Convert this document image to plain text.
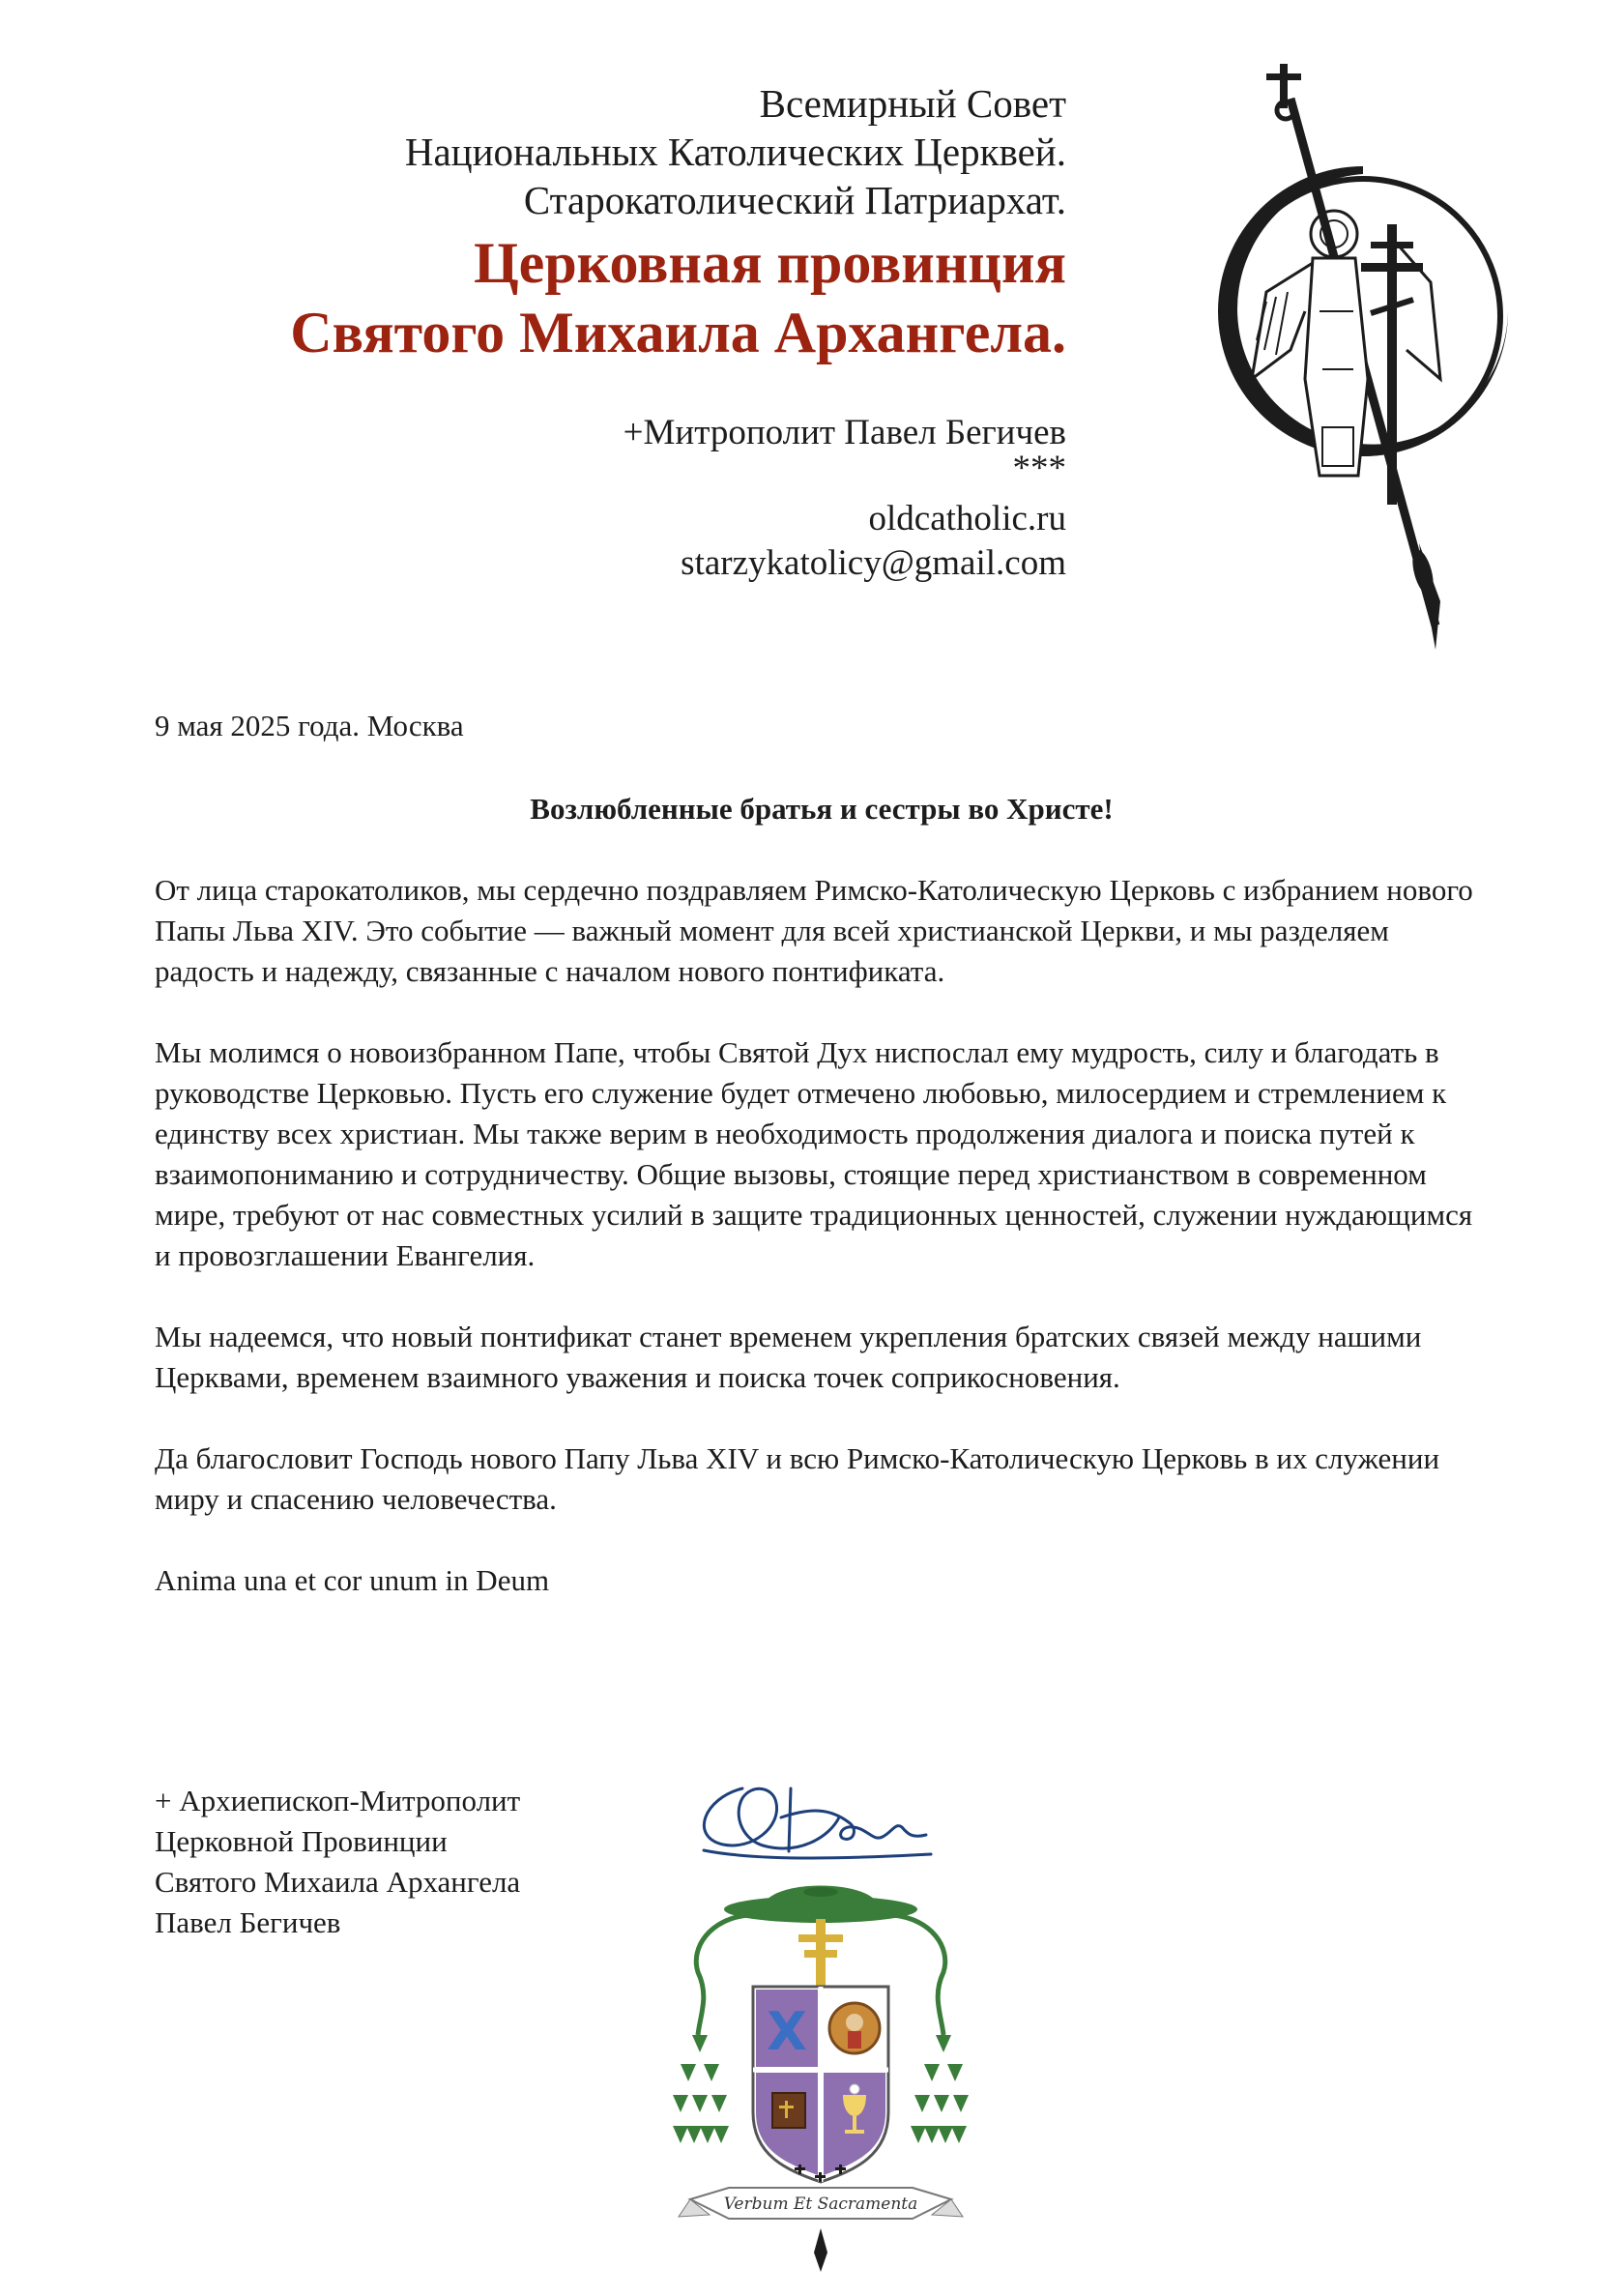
Всемирный Совет
Национальных Католических Церквей.
Старокатолический Патриархат.
Церковная провинция
Святого Михаила Архангела.
+Митрополит Павел Бегичев
***
oldcatholic.ru
starzykatolicy@gmail.com

9 мая 2025 года. Москва

Возлюбленные братья и сестры во Христе!

От лица старокатоликов, мы сердечно поздравляем Римско-Католическую Церковь с избранием нового Папы Льва XIV. Это событие — важный момент для всей христианской Церкви, и мы разделяем радость и надежду, связанные с началом нового понтификата.

Мы молимся о новоизбранном Папе, чтобы Святой Дух ниспослал ему мудрость, силу и благодать в руководстве Церковью. Пусть его служение будет отмечено любовью, милосердием и стремлением к единству всех христиан. Мы также верим в необходимость продолжения диалога и поиска путей к взаимопониманию и сотрудничеству. Общие вызовы, стоящие перед христианством в современном мире, требуют от нас совместных усилий в защите традиционных ценностей, служении нуждающимся и провозглашении Евангелия.

Мы надеемся, что новый понтификат станет временем укрепления братских связей между нашими Церквами, временем взаимного уважения и поиска точек соприкосновения.

Да благословит Господь нового Папу Льва XIV и всю Римско-Католическую Церковь в их служении миру и спасению человечества.

Anima una et cor unum in Deum

+ Архиепископ-Митрополит
Церковной Провинции
Святого Михаила Архангела
Павел Бегичев
X
Verbum Et Sacramenta
